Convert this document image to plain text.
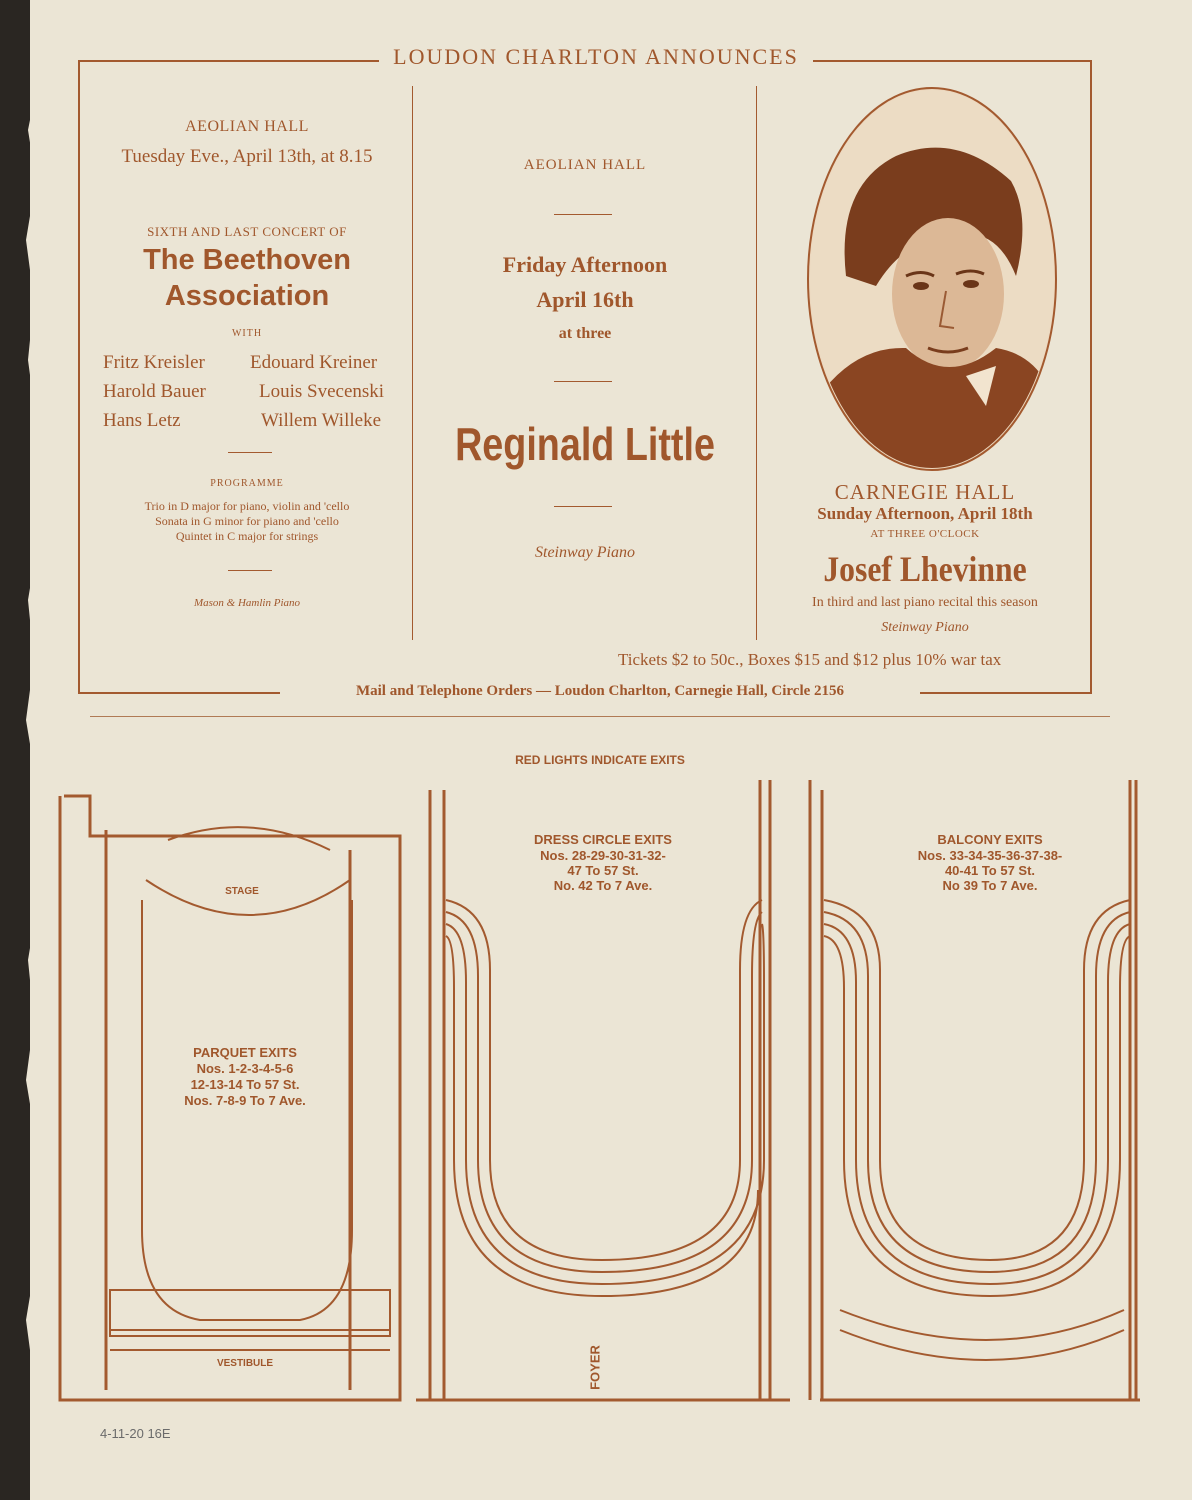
LOUDON CHARLTON ANNOUNCES
AEOLIAN HALL
Tuesday Eve., April 13th, at 8.15
SIXTH AND LAST CONCERT OF
The Beethoven
Association
WITH
Fritz Kreisler Edouard Kreiner
Harold Bauer	Louis Svecenski
Hans Letz	Willem Willeke
PROGRAMME
Trio in D major for piano, violin and 'cello
Sonata in G minor for piano and 'cello
Quintet in C major for strings
Mason & Hamlin Piano
AEOLIAN HALL
Friday Afternoon
April 16th
at three
Reginald Little
Steinway Piano
CARNEGIE HALL
Sunday Afternoon, April 18th
AT THREE O'CLOCK
Josef Lhevinne
In third and last piano recital this season
Steinway Piano
Tickets $2 to 50c., Boxes $15 and $12 plus 10% war tax
Mail and Telephone Orders — Loudon Charlton, Carnegie Hall, Circle 2156
RED LIGHTS INDICATE EXITS
STAGE
PARQUET EXITS
Nos. 1-2-3-4-5-6
12-13-14 To 57 St.
Nos. 7-8-9 To 7 Ave.
VESTIBULE
DRESS CIRCLE EXITS
Nos. 28-29-30-31-32-
47 To 57 St.
No. 42 To 7 Ave.
FOYER
BALCONY EXITS
Nos. 33-34-35-36-37-38-
40-41 To 57 St.
No 39 To 7 Ave.
4-11-20 16E
